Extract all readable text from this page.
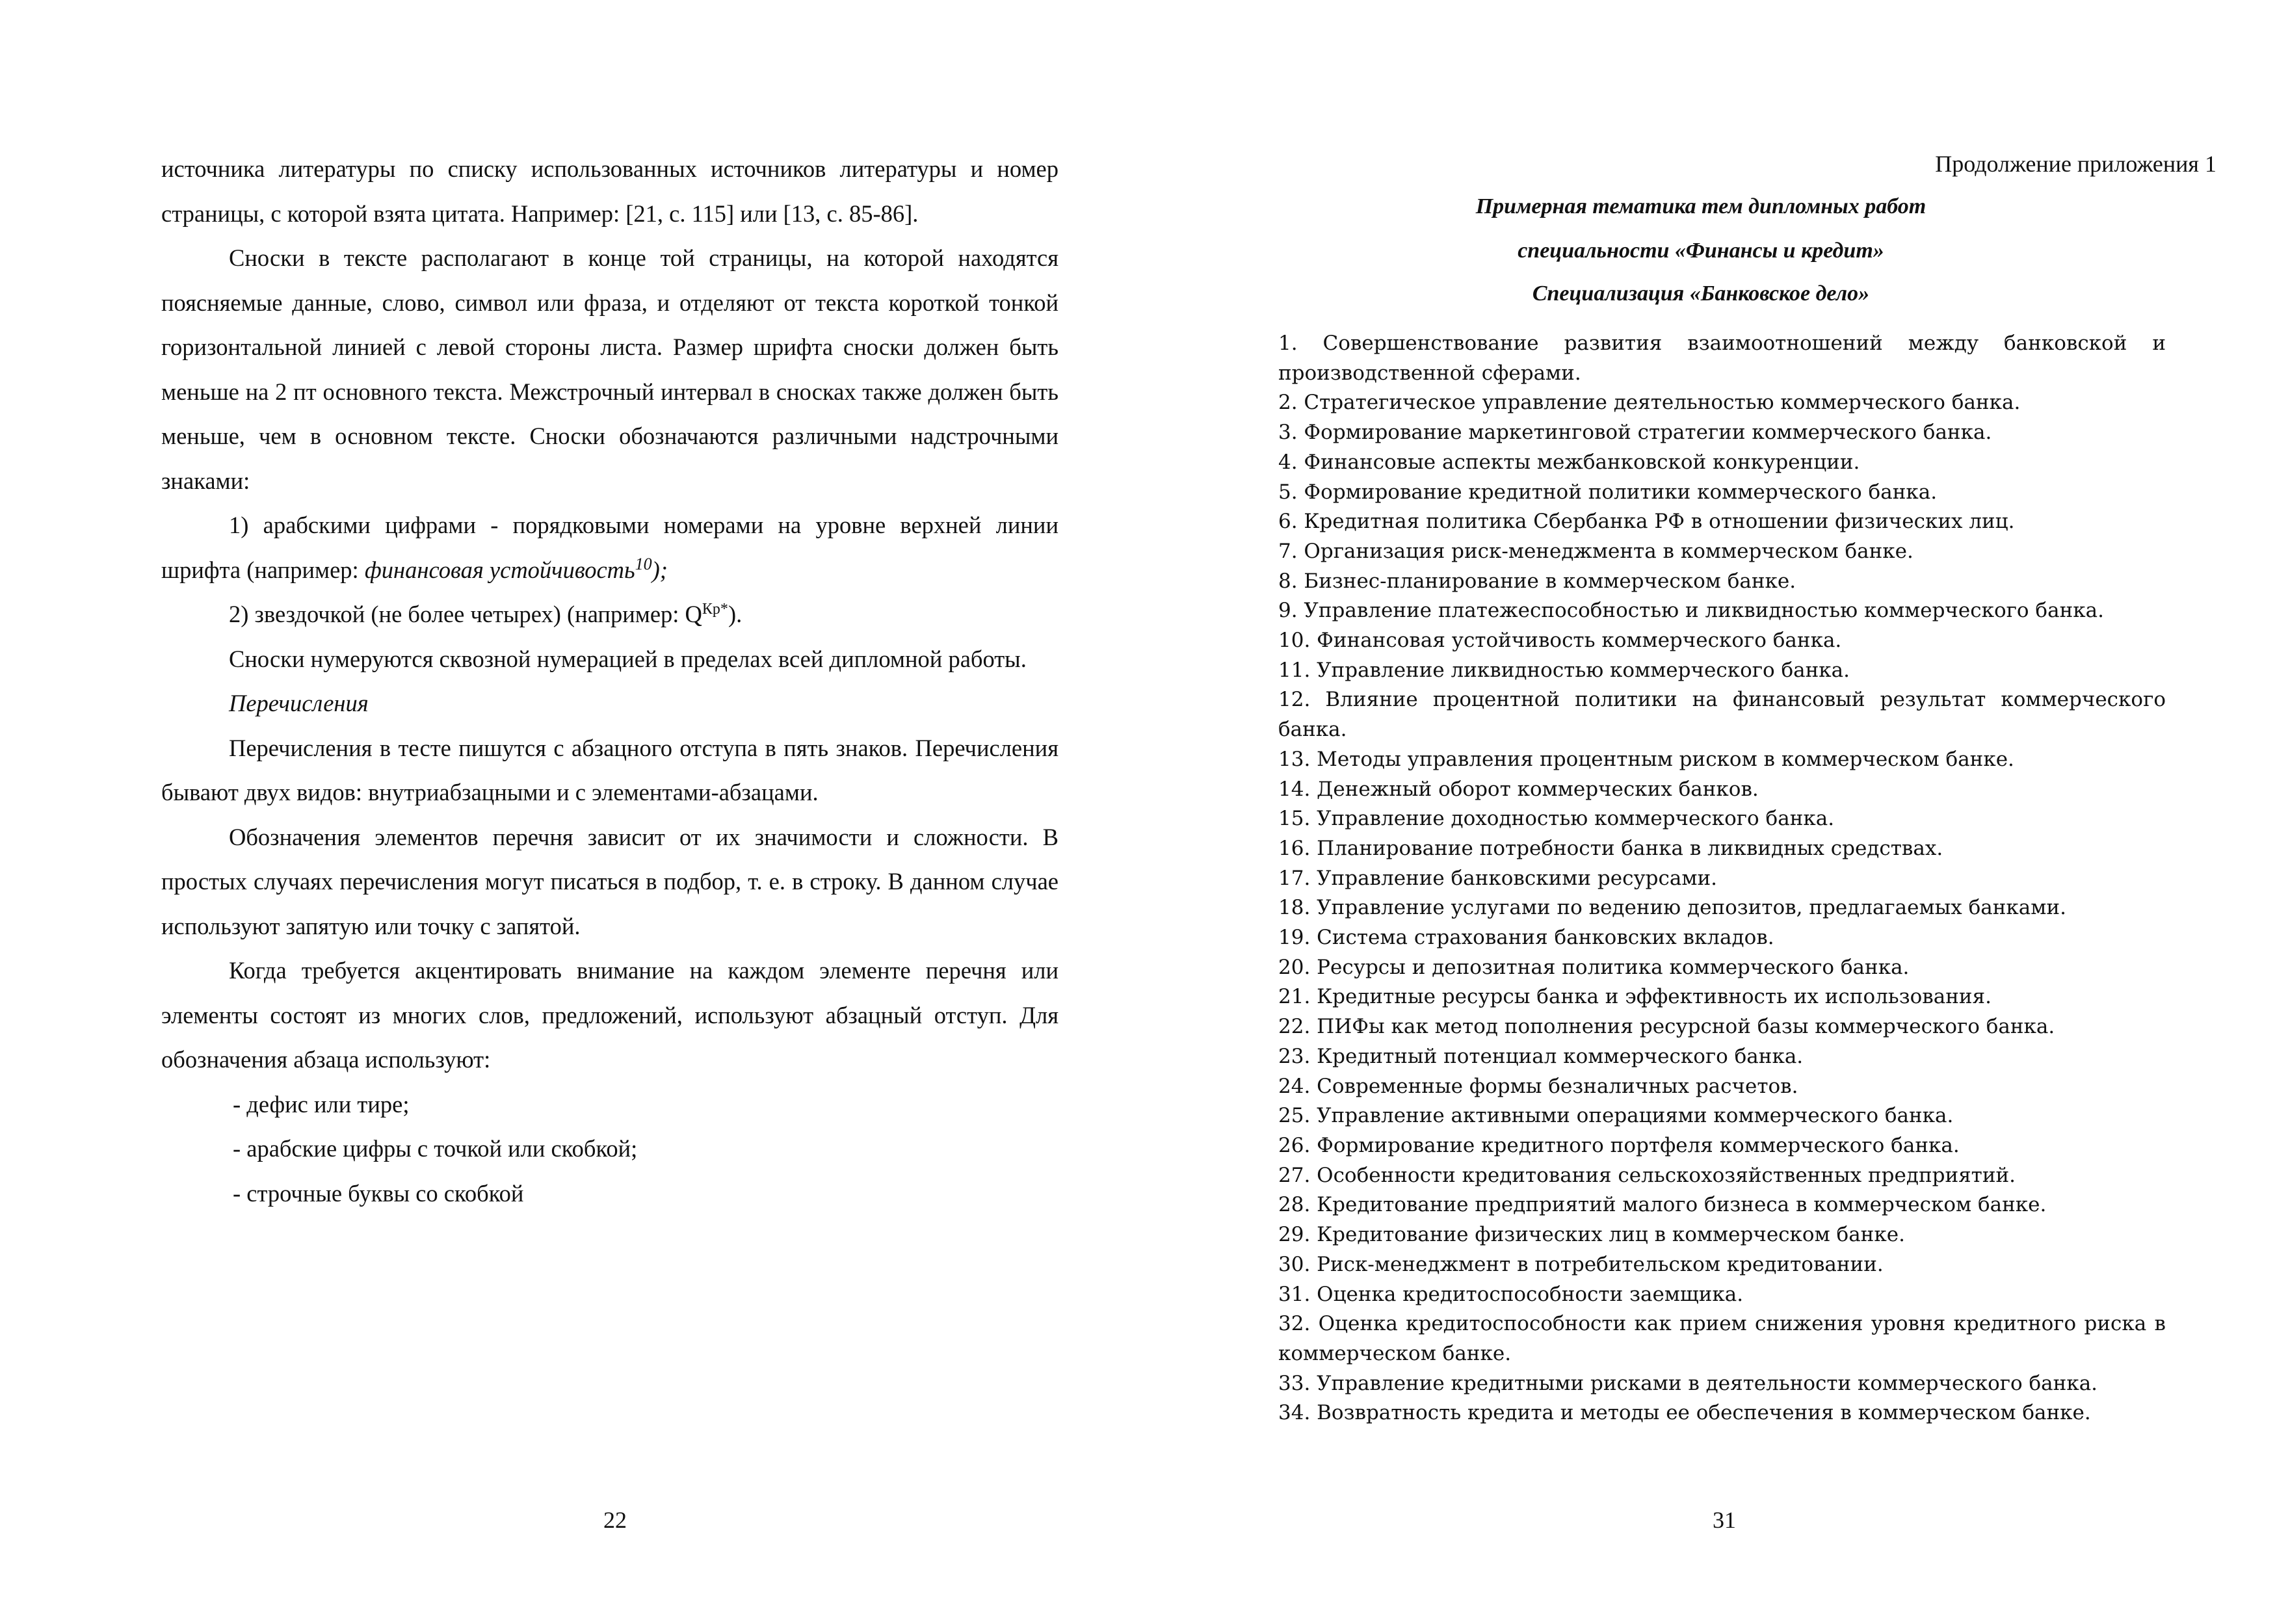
источника литературы по списку использованных источников литературы и номер страницы, с которой взята цитата. Например: [21, с. 115] или [13, с. 85-86].

Сноски в тексте располагают в конце той страницы, на которой находятся поясняемые данные, слово, символ или фраза, и отделяют от текста короткой тонкой горизонтальной линией с левой стороны листа. Размер шрифта сноски должен быть меньше на 2 пт основного текста. Межстрочный интервал в сносках также должен быть меньше, чем в основном тексте. Сноски обозначаются различными надстрочными знаками:

1) арабскими цифрами - порядковыми номерами на уровне верхней линии шрифта (например: финансовая устойчивость$^{10}$);

2) звездочкой (не более четырех) (например: $Q^{Кр*}$).

Сноски нумеруются сквозной нумерацией в пределах всей дипломной работы.

Перечисления

Перечисления в тесте пишутся с абзацного отступа в пять знаков. Перечисления бывают двух видов: внутриабзацными и с элементами-абзацами.

Обозначения элементов перечня зависит от их значимости и сложности. В простых случаях перечисления могут писаться в подбор, т. е. в строку. В данном случае используют запятую или точку с запятой.

Когда требуется акцентировать внимание на каждом элементе перечня или элементы состоят из многих слов, предложений, используют абзацный отступ. Для обозначения абзаца используют:

- дефис или тире;

- арабские цифры с точкой или скобкой;

- строчные буквы со скобкой

22
Продолжение приложения 1
Примерная тематика тем дипломных работ
специальности «Финансы и кредит»
Специализация «Банковское дело»
1. Совершенствование развития взаимоотношений между банковской и производственной сферами.
2. Стратегическое управление деятельностью коммерческого банка.
3. Формирование маркетинговой стратегии коммерческого банка.
4. Финансовые аспекты межбанковской конкуренции.
5. Формирование кредитной политики коммерческого банка.
6. Кредитная политика Сбербанка РФ в отношении физических лиц.
7. Организация риск-менеджмента в коммерческом банке.
8. Бизнес-планирование в коммерческом банке.
9. Управление платежеспособностью и ликвидностью коммерческого банка.
10. Финансовая устойчивость коммерческого банка.
11. Управление ликвидностью коммерческого банка.
12. Влияние процентной политики на финансовый результат коммерческого банка.
13. Методы управления процентным риском в коммерческом банке.
14. Денежный оборот коммерческих банков.
15. Управление доходностью коммерческого банка.
16. Планирование потребности банка в ликвидных средствах.
17. Управление банковскими ресурсами.
18. Управление услугами по ведению депозитов, предлагаемых банками.
19. Система страхования банковских вкладов.
20. Ресурсы и депозитная политика коммерческого банка.
21. Кредитные ресурсы банка и эффективность их использования.
22. ПИФы как метод пополнения ресурсной базы коммерческого банка.
23. Кредитный потенциал коммерческого банка.
24. Современные формы безналичных расчетов.
25. Управление активными операциями коммерческого банка.
26. Формирование кредитного портфеля коммерческого банка.
27. Особенности кредитования сельскохозяйственных предприятий.
28. Кредитование предприятий малого бизнеса в коммерческом банке.
29. Кредитование физических лиц в коммерческом банке.
30. Риск-менеджмент в потребительском кредитовании.
31. Оценка кредитоспособности заемщика.
32. Оценка кредитоспособности как прием снижения уровня кредитного риска в коммерческом банке.
33. Управление кредитными рисками в деятельности коммерческого банка.
34. Возвратность кредита и методы ее обеспечения в коммерческом банке.
31
